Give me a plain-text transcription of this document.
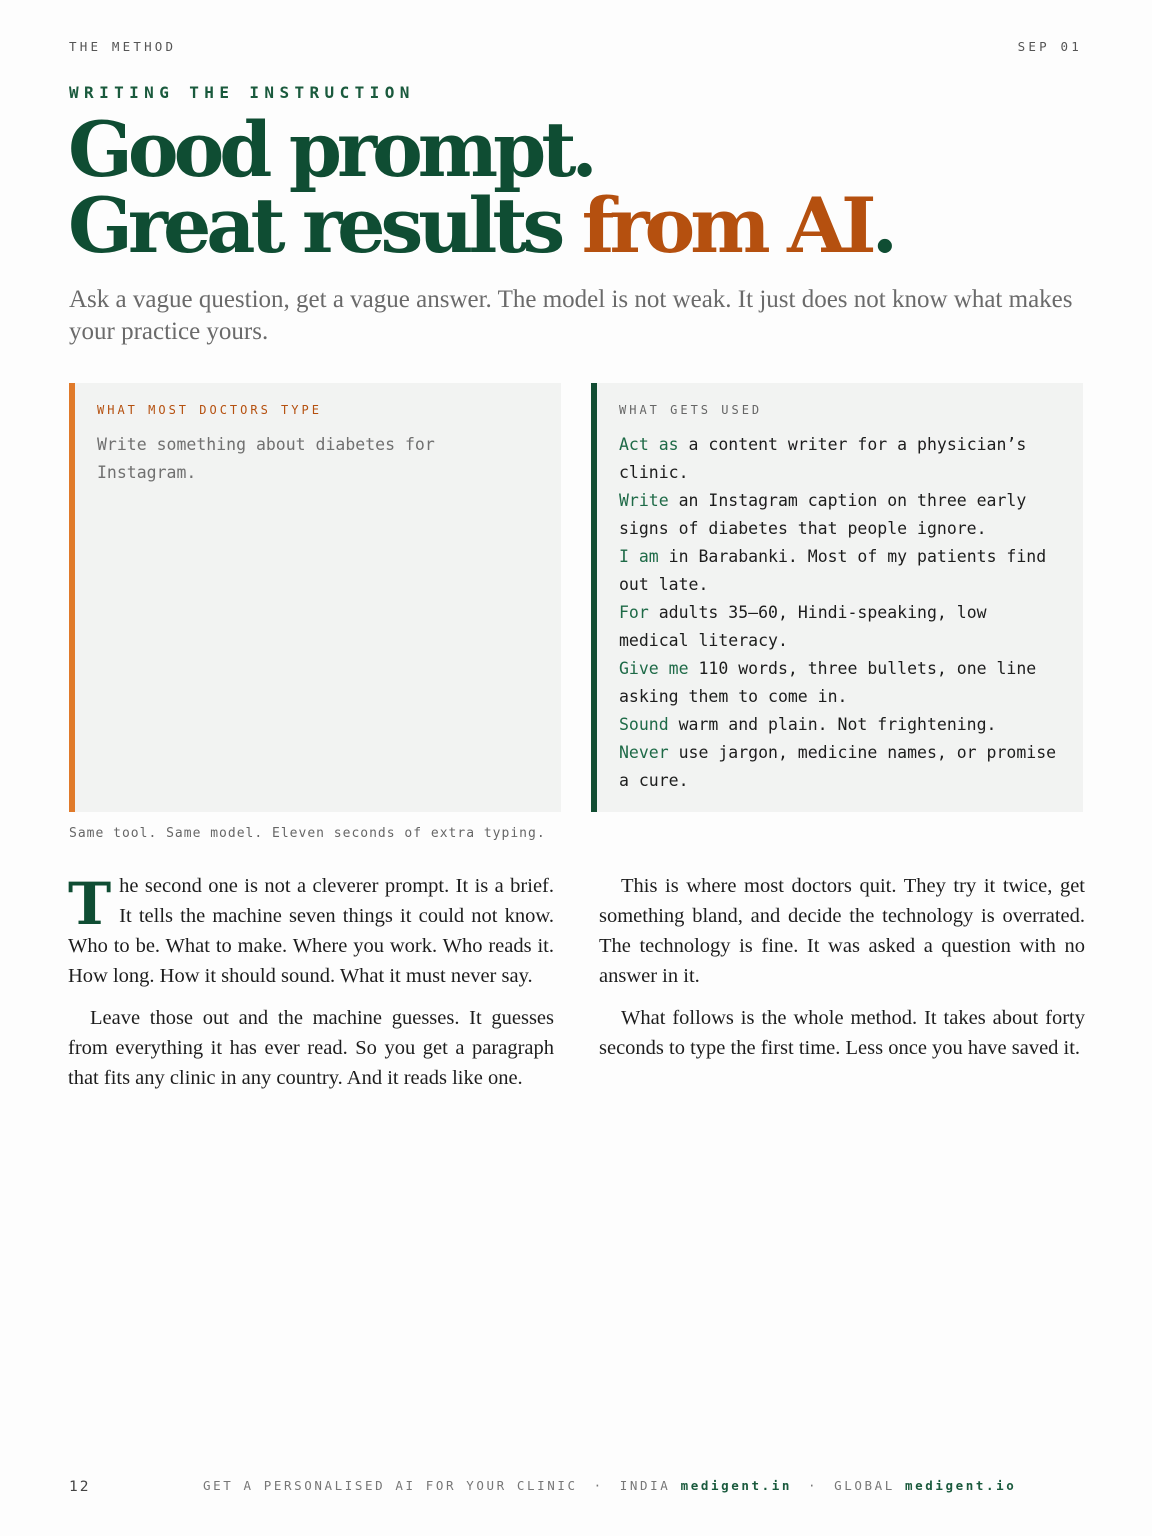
THE METHOD	SEP 01
WRITING THE INSTRUCTION
Good prompt.
Great results from AI.

Ask a vague question, get a vague answer. The model is not weak. It just does not know what makes your practice yours.

WHAT MOST DOCTORS TYPE
Write something about diabetes for
Instagram.
WHAT GETS USED
Act as a content writer for a physician’s
clinic.
Write an Instagram caption on three early
signs of diabetes that people ignore.
I am in Barabanki. Most of my patients find
out late.
For adults 35–60, Hindi-speaking, low
medical literacy.
Give me 110 words, three bullets, one line
asking them to come in.
Sound warm and plain. Not frightening.
Never use jargon, medicine names, or promise
a cure.
Same tool. Same model. Eleven seconds of extra typing.

The second one is not a cleverer prompt. It is a brief. It tells the machine seven things it could not know. Who to be. What to make. Where you work. Who reads it. How long. How it should sound. What it must never say.

Leave those out and the machine guesses. It guesses from everything it has ever read. So you get a paragraph that fits any clinic in any country. And it reads like one.

This is where most doctors quit. They try it twice, get something bland, and decide the technology is overrated. The technology is fine. It was asked a question with no answer in it.

What follows is the whole method. It takes about forty seconds to type the first time. Less once you have saved it.

12	GET A PERSONALISED AI FOR YOUR CLINIC · INDIA medigent.in · GLOBAL medigent.io
